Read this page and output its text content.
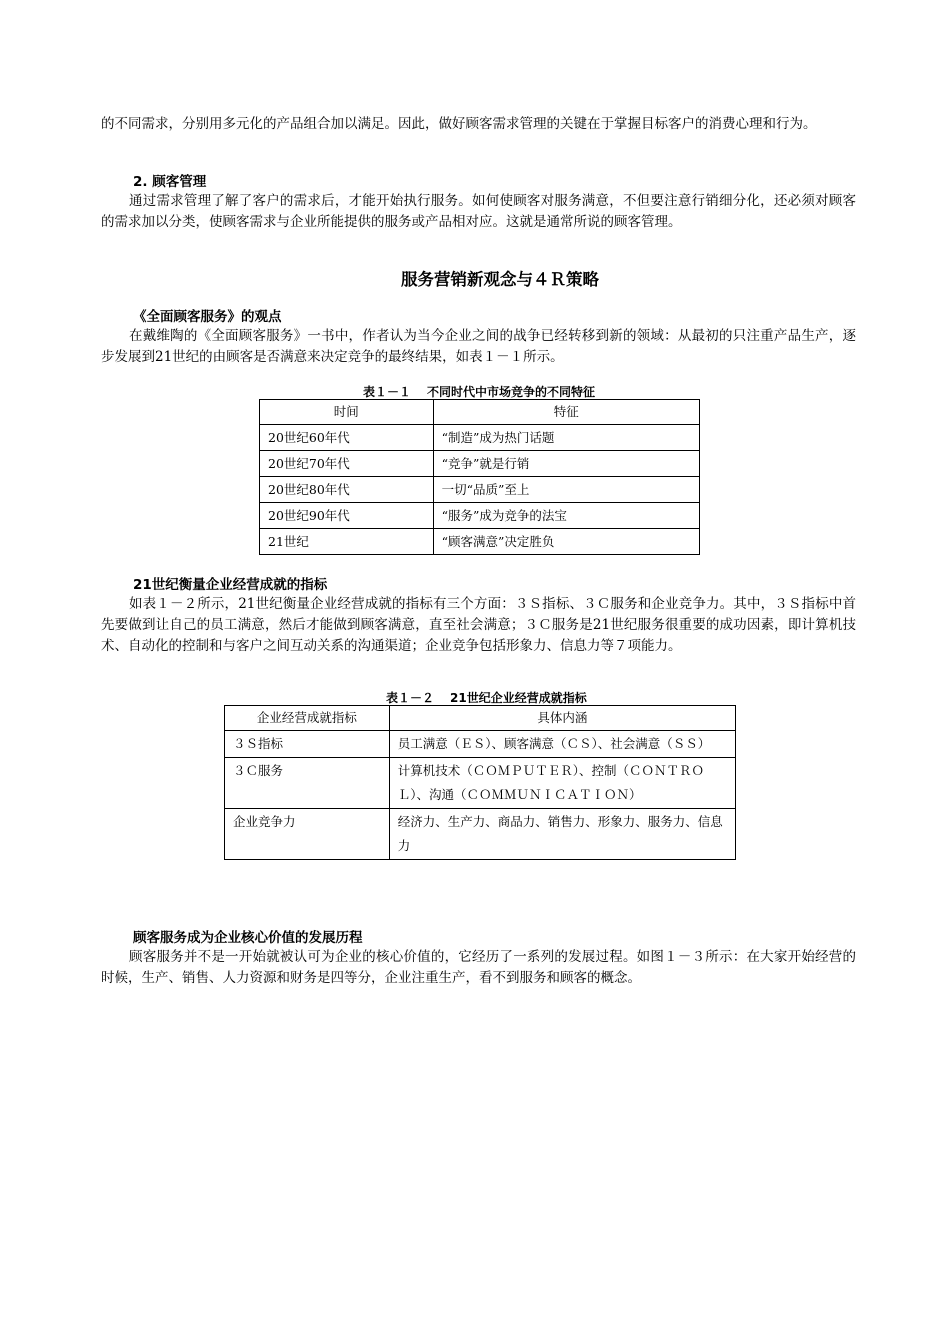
的不同需求，分别用多元化的产品组合加以满足。因此，做好顾客需求管理的关键在于掌握目标客户的消费心理和行为。

2. 顾客管理

通过需求管理了解了客户的需求后，才能开始执行服务。如何使顾客对服务满意，不但要注意行销细分化，还必须对顾客的需求加以分类，使顾客需求与企业所能提供的服务或产品相对应。这就是通常所说的顾客管理。

服务营销新观念与４Ｒ策略

《全面顾客服务》的观点

在戴维陶的《全面顾客服务》一书中，作者认为当今企业之间的战争已经转移到新的领域：从最初的只注重产品生产，逐步发展到21世纪的由顾客是否满意来决定竞争的最终结果，如表１－１所示。

表１－１ 不同时代中市场竞争的不同特征

时间	特征
20世纪60年代	“制造”成为热门话题
20世纪70年代	“竞争”就是行销
20世纪80年代	一切“品质”至上
20世纪90年代	“服务”成为竞争的法宝
21世纪	“顾客满意”决定胜负

21世纪衡量企业经营成就的指标

如表１－２所示，21世纪衡量企业经营成就的指标有三个方面：３Ｓ指标、３Ｃ服务和企业竞争力。其中，３Ｓ指标中首先要做到让自己的员工满意，然后才能做到顾客满意，直至社会满意；３Ｃ服务是21世纪服务很重要的成功因素，即计算机技术、自动化的控制和与客户之间互动关系的沟通渠道；企业竞争包括形象力、信息力等７项能力。

表１－２ 21世纪企业经营成就指标

企业经营成就指标	具体内涵
３Ｓ指标	员工满意（ＥＳ）、顾客满意（ＣＳ）、社会满意（ＳＳ）
３Ｃ服务	计算机技术（ＣＯＭＰＵＴＥＲ）、控制（ＣＯＮＴＲＯＬ）、沟通（ＣＯＭＭＵＮＩＣＡＴＩＯＮ）
企业竞争力	经济力、生产力、商品力、销售力、形象力、服务力、信息力

顾客服务成为企业核心价值的发展历程

顾客服务并不是一开始就被认可为企业的核心价值的，它经历了一系列的发展过程。如图１－３所示：在大家开始经营的时候，生产、销售、人力资源和财务是四等分，企业注重生产，看不到服务和顾客的概念。
